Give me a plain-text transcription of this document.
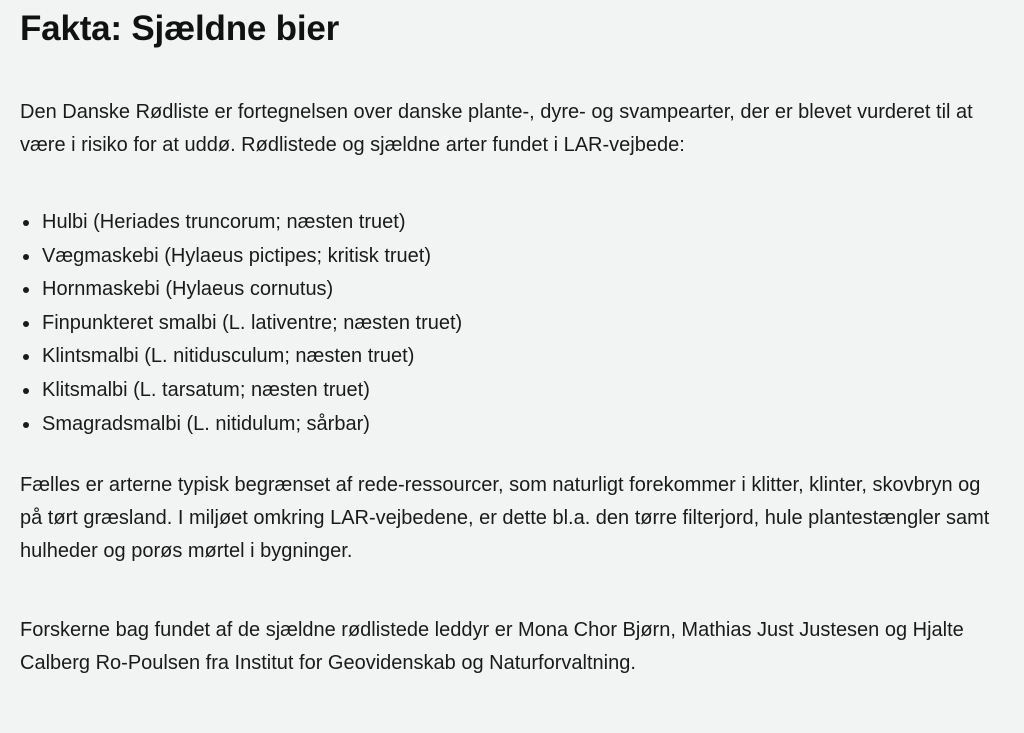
Fakta: Sjældne bier

Den Danske Rødliste er fortegnelsen over danske plante-, dyre- og svampearter, der er blevet vurderet til at være i risiko for at uddø. Rødlistede og sjældne arter fundet i LAR-vejbede:

Hulbi (Heriades truncorum; næsten truet)
Vægmaskebi (Hylaeus pictipes; kritisk truet)
Hornmaskebi (Hylaeus cornutus)
Finpunkteret smalbi (L. lativentre; næsten truet)
Klintsmalbi (L. nitidusculum; næsten truet)
Klitsmalbi (L. tarsatum; næsten truet)
Smagradsmalbi (L. nitidulum; sårbar)

Fælles er arterne typisk begrænset af rede-ressourcer, som naturligt forekommer i klitter, klinter, skovbryn og på tørt græsland. I miljøet omkring LAR-vejbedene, er dette bl.a. den tørre filterjord, hule plantestængler samt hulheder og porøs mørtel i bygninger.

Forskerne bag fundet af de sjældne rødlistede leddyr er Mona Chor Bjørn, Mathias Just Justesen og Hjalte Calberg Ro-Poulsen fra Institut for Geovidenskab og Naturforvaltning.
